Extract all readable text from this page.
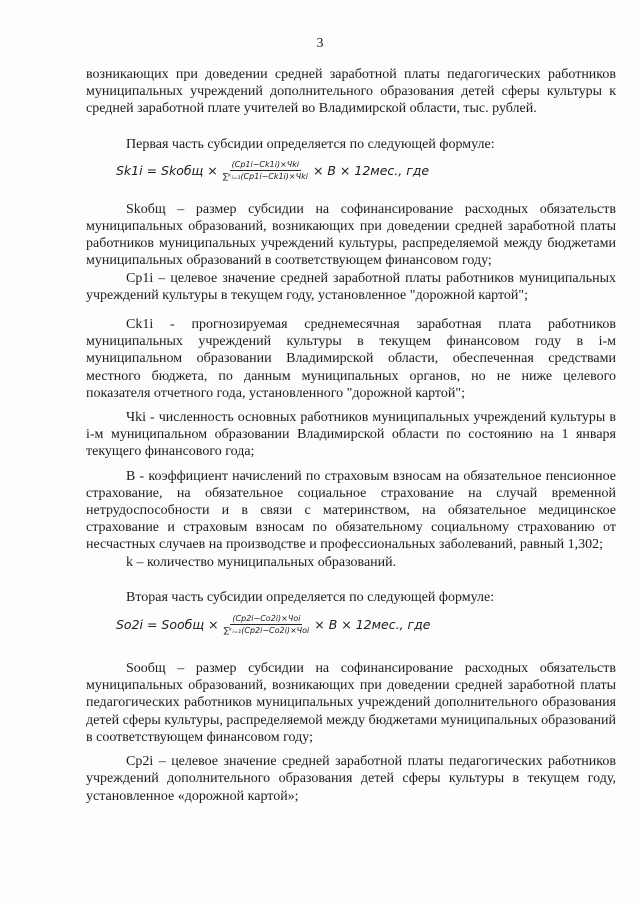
3

возникающих при доведении средней заработной платы педагогических работников муниципальных учреждений дополнительного образования детей сферы культуры к средней заработной плате учителей во Владимирской области, тыс. рублей.

Первая часть субсидии определяется по следующей формуле:

Sk1i = Skобщ × $\frac{\text{(Cp1i−Ck1i)×Чki}}{\text{∑ᵏᵢ₌₁(Cp1i−Ck1i)×Чki}} \times B \times 12мес$., где

Skобщ – размер субсидии на софинансирование расходных обязательств муниципальных образований, возникающих при доведении средней заработной платы работников муниципальных учреждений культуры, распределяемой между бюджетами муниципальных образований в соответствующем финансовом году;

Cp1i – целевое значение средней заработной платы работников муниципальных учреждений культуры в текущем году, установленное "дорожной картой";

Ck1i - прогнозируемая среднемесячная заработная плата работников муниципальных учреждений культуры в текущем финансовом году в i-м муниципальном образовании Владимирской области, обеспеченная средствами местного бюджета, по данным муниципальных органов, но не ниже целевого показателя отчетного года, установленного "дорожной картой";

Чki - численность основных работников муниципальных учреждений культуры в i-м муниципальном образовании Владимирской области по состоянию на 1 января текущего финансового года;

В - коэффициент начислений по страховым взносам на обязательное пенсионное страхование, на обязательное социальное страхование на случай временной нетрудоспособности и в связи с материнством, на обязательное медицинское страхование и страховым взносам по обязательному социальному страхованию от несчастных случаев на производстве и профессиональных заболеваний, равный 1,302;

k – количество муниципальных образований.

Вторая часть субсидии определяется по следующей формуле:

So2i = Soобщ × $\frac{\text{(Cp2i−Co2i)×Чoi}}{\text{∑ᵏᵢ₌₁(Cp2i−Co2i)×Чoi}} \times B \times 12мес$., где

Soобщ – размер субсидии на софинансирование расходных обязательств муниципальных образований, возникающих при доведении средней заработной платы педагогических работников муниципальных учреждений дополнительного образования детей сферы культуры, распределяемой между бюджетами муниципальных образований в соответствующем финансовом году;

Cp2i – целевое значение средней заработной платы педагогических работников учреждений дополнительного образования детей сферы культуры в текущем году, установленное «дорожной картой»;
